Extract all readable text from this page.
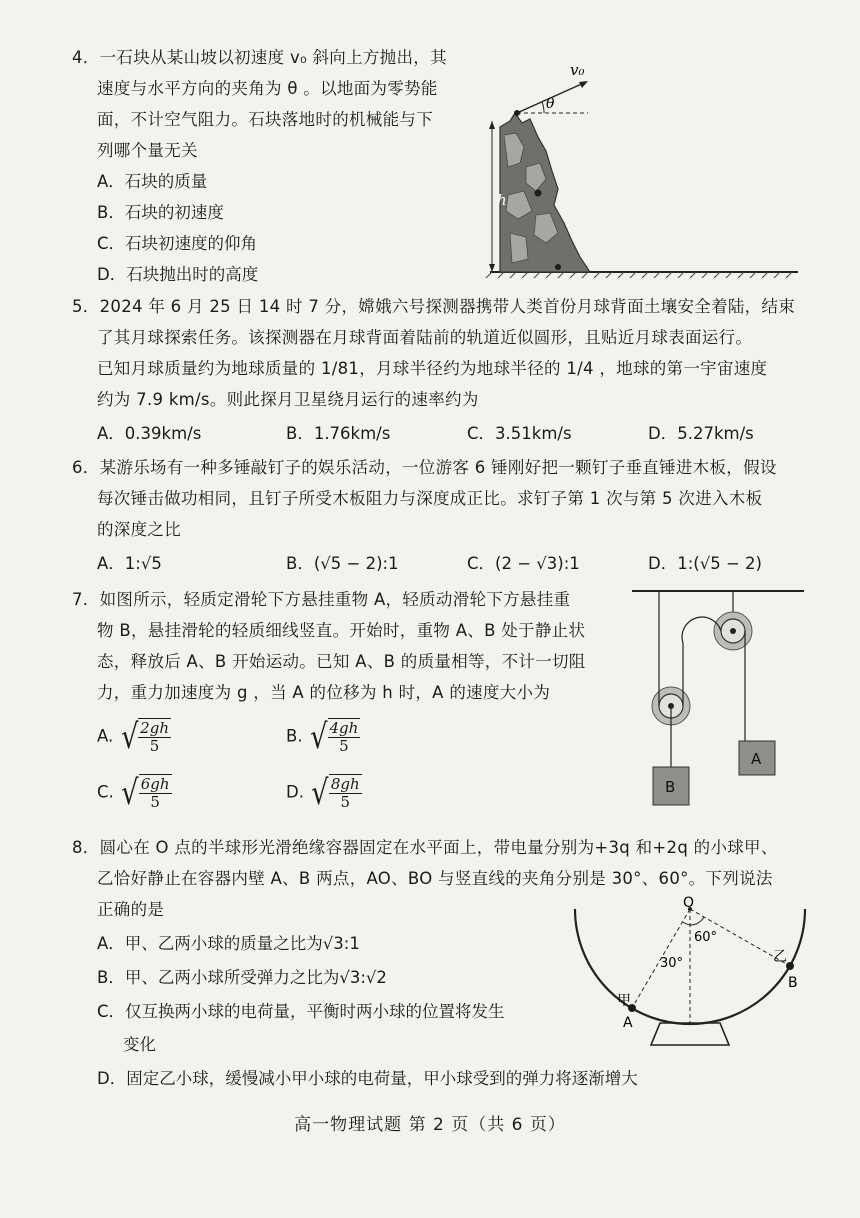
4．一石块从某山坡以初速度 v₀ 斜向上方抛出，其
速度与水平方向的夹角为 θ 。以地面为零势能
面，不计空气阻力。石块落地时的机械能与下
列哪个量无关
A．石块的质量
B．石块的初速度
C．石块初速度的仰角
D．石块抛出时的高度
v₀
θ
h
5．2024 年 6 月 25 日 14 时 7 分，嫦娥六号探测器携带人类首份月球背面土壤安全着陆，结束
了其月球探索任务。该探测器在月球背面着陆前的轨道近似圆形，且贴近月球表面运行。
已知月球质量约为地球质量的 1/81，月球半径约为地球半径的 1/4 ，地球的第一宇宙速度
约为 7.9 km/s。则此探月卫星绕月运行的速率约为
A．0.39km/s	B．1.76km/s	C．3.51km/s	D．5.27km/s
6．某游乐场有一种多锤敲钉子的娱乐活动，一位游客 6 锤刚好把一颗钉子垂直锤进木板，假设
每次锤击做功相同，且钉子所受木板阻力与深度成正比。求钉子第 1 次与第 5 次进入木板
的深度之比
A．1:√5	B．(√5 − 2):1	C．(2 − √3):1	D．1:(√5 − 2)
7．如图所示，轻质定滑轮下方悬挂重物 A，轻质动滑轮下方悬挂重
物 B，悬挂滑轮的轻质细线竖直。开始时，重物 A、B 处于静止状
态，释放后 A、B 开始运动。已知 A、B 的质量相等，不计一切阻
力，重力加速度为 g ，当 A 的位移为 h 时，A 的速度大小为
A. √ $\frac{2gh}{5}$	B. √ $\frac{4gh}{5}$
C. √ $\frac{6gh}{5}$	D. √ $\frac{8gh}{5}$
A
B
8．圆心在 O 点的半球形光滑绝缘容器固定在水平面上，带电量分别为+3q 和+2q 的小球甲、
乙恰好静止在容器内壁 A、B 两点，AO、BO 与竖直线的夹角分别是 30°、60°。下列说法
正确的是
A．甲、乙两小球的质量之比为√3:1
B．甲、乙两小球所受弹力之比为√3:√2
C．仅互换两小球的电荷量，平衡时两小球的位置将发生
变化
D．固定乙小球，缓慢减小甲小球的电荷量，甲小球受到的弹力将逐渐增大
O
60°
30°	乙
B
甲
A
高一物理试题 第 2 页（共 6 页）
